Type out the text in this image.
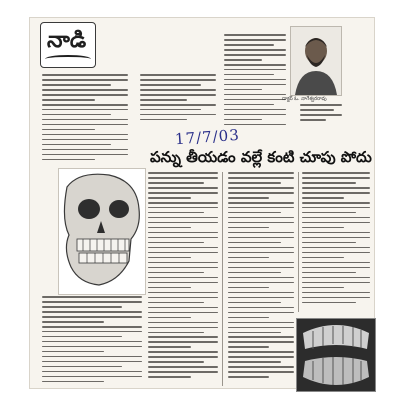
నాడి
డాక్టర్ ఓ. నాగేశ్వరరావు
17/7/03
పన్ను తీయడం వల్లే కంటి చూపు పోదు
